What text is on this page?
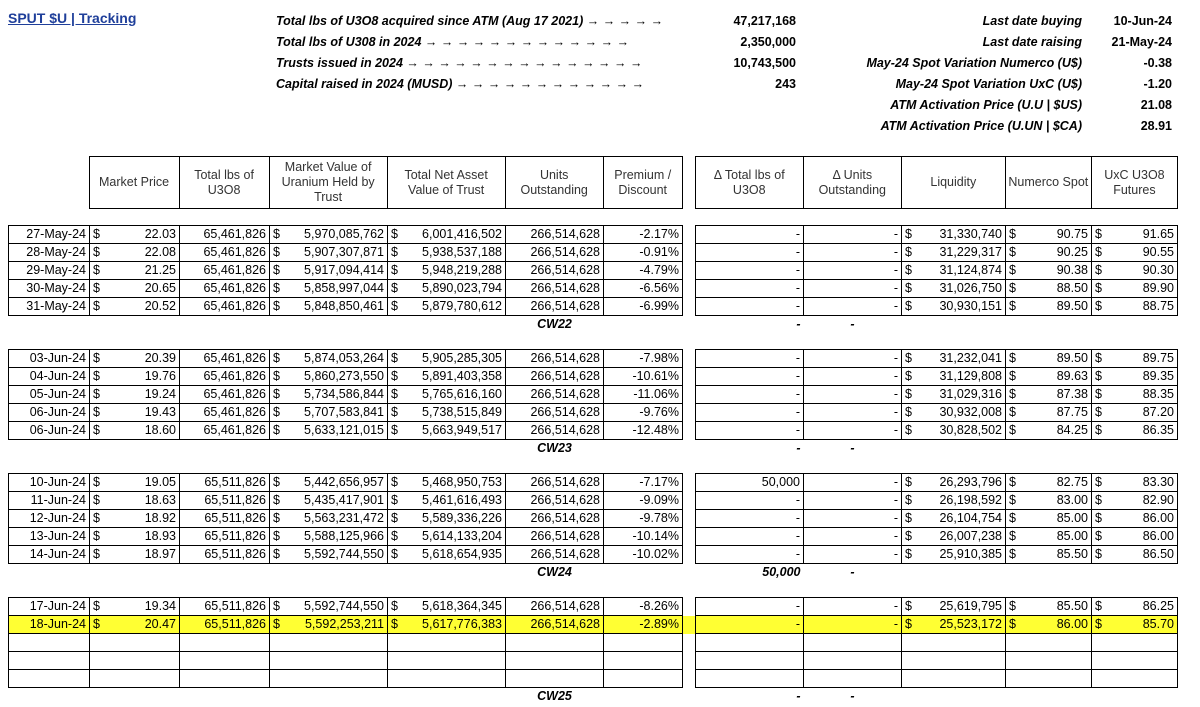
SPUT $U | Tracking	Total lbs of U3O8 acquired since ATM (Aug 17 2021) → → → → →	47,217,168
Total lbs of U308 in 2024 → → → → → → → → → → → → →	2,350,000
Trusts issued in 2024 → → → → → → → → → → → → → → →	10,743,500
Capital raised in 2024 (MUSD) → → → → → → → → → → → →	243
Last date buying	10-Jun-24
Last date raising	21-May-24
May-24 Spot Variation Numerco (U$)	-0.38
May-24 Spot Variation UxC (U$)	-1.20
ATM Activation Price (U.U | $US)	21.08
ATM Activation Price (U.UN | $CA)	28.91
	Market Price	Total lbs of U3O8	Market Value of Uranium Held by Trust	Total Net Asset Value of Trust	Units Outstanding	Premium / Discount		Δ Total lbs of U3O8	Δ Units Outstanding	Liquidity	Numerco Spot	UxC U3O8 Futures
27-May-24	$	22.03	65,461,826	$	5,970,085,762	$	6,001,416,502	266,514,628	-2.17%		-	-	$	31,330,740	$	90.75	$	91.65
28-May-24	$	22.08	65,461,826	$	5,907,307,871	$	5,938,537,188	266,514,628	-0.91%		-	-	$	31,229,317	$	90.25	$	90.55
29-May-24	$	21.25	65,461,826	$	5,917,094,414	$	5,948,219,288	266,514,628	-4.79%		-	-	$	31,124,874	$	90.38	$	90.30
30-May-24	$	20.65	65,461,826	$	5,858,997,044	$	5,890,023,794	266,514,628	-6.56%		-	-	$	31,026,750	$	88.50	$	89.90
31-May-24	$	20.52	65,461,826	$	5,848,850,461	$	5,879,780,612	266,514,628	-6.99%		-	-	$	30,930,151	$	89.50	$	88.75
								CW22			-	-						
03-Jun-24	$	20.39	65,461,826	$	5,874,053,264	$	5,905,285,305	266,514,628	-7.98%		-	-	$	31,232,041	$	89.50	$	89.75
04-Jun-24	$	19.76	65,461,826	$	5,860,273,550	$	5,891,403,358	266,514,628	-10.61%		-	-	$	31,129,808	$	89.63	$	89.35
05-Jun-24	$	19.24	65,461,826	$	5,734,586,844	$	5,765,616,160	266,514,628	-11.06%		-	-	$	31,029,316	$	87.38	$	88.35
06-Jun-24	$	19.43	65,461,826	$	5,707,583,841	$	5,738,515,849	266,514,628	-9.76%		-	-	$	30,932,008	$	87.75	$	87.20
06-Jun-24	$	18.60	65,461,826	$	5,633,121,015	$	5,663,949,517	266,514,628	-12.48%		-	-	$	30,828,502	$	84.25	$	86.35
								CW23			-	-						
10-Jun-24	$	19.05	65,511,826	$	5,442,656,957	$	5,468,950,753	266,514,628	-7.17%		50,000	-	$	26,293,796	$	82.75	$	83.30
11-Jun-24	$	18.63	65,511,826	$	5,435,417,901	$	5,461,616,493	266,514,628	-9.09%		-	-	$	26,198,592	$	83.00	$	82.90
12-Jun-24	$	18.92	65,511,826	$	5,563,231,472	$	5,589,336,226	266,514,628	-9.78%		-	-	$	26,104,754	$	85.00	$	86.00
13-Jun-24	$	18.93	65,511,826	$	5,588,125,966	$	5,614,133,204	266,514,628	-10.14%		-	-	$	26,007,238	$	85.00	$	86.00
14-Jun-24	$	18.97	65,511,826	$	5,592,744,550	$	5,618,654,935	266,514,628	-10.02%		-	-	$	25,910,385	$	85.50	$	86.50
								CW24			50,000	-						
17-Jun-24	$	19.34	65,511,826	$	5,592,744,550	$	5,618,364,345	266,514,628	-8.26%		-	-	$	25,619,795	$	85.50	$	86.25
18-Jun-24	$	20.47	65,511,826	$	5,592,253,211	$	5,617,776,383	266,514,628	-2.89%		-	-	$	25,523,172	$	86.00	$	85.70

								CW25			-	-						
